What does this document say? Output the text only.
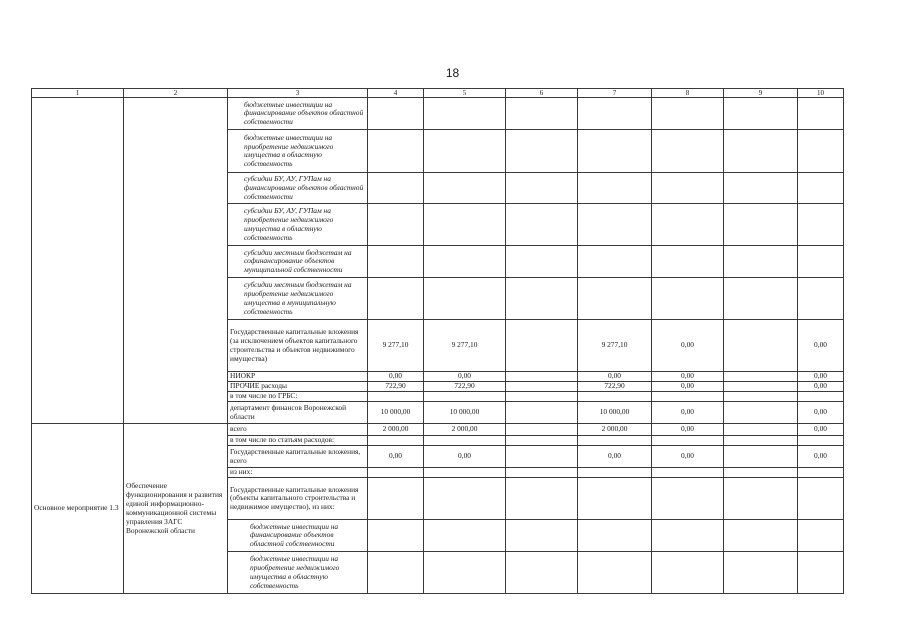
18
1	2	3	4	5	6	7	8	9	10
		бюджетные инвестиции на финансирование объектов областной собственности							
		бюджетные инвестиции на приобретение недвижимого имущества в областную собственность							
		субсидии БУ, АУ, ГУПам на финансирование объектов областной собственности							
		субсидии БУ, АУ, ГУПам на приобретение недвижимого имущества в областную собственность							
		субсидии местным бюджетам на софинансирование объектов муниципальной собственности							
		субсидии местным бюджетам на приобретение недвижимого имущества в муниципальную собственность							
		Государственные капитальные вложения (за исключением объектов капитального строительства и объектов недвижимого имущества)	9 277,10	9 277,10		9 277,10	0,00		0,00
		НИОКР	0,00	0,00		0,00	0,00		0,00
		ПРОЧИЕ расходы	722,90	722,90		722,90	0,00		0,00
		в том числе по ГРБС:							
		департамент финансов Воронежской области	10 000,00	10 000,00		10 000,00	0,00		0,00
Основное мероприятие 1.3	Обеспечение функционирования и развития единой информационно-коммуникационной системы управления ЗАГС Воронежской области	всего	2 000,00	2 000,00		2 000,00	0,00		0,00
		в том числе по статьям расходов:							
		Государственные капитальные вложения, всего	0,00	0,00		0,00	0,00		0,00
		из них:							
		Государственные капитальные вложения (объекты капитального строительства и недвижимое имущество), из них:							
		бюджетные инвестиции на финансирование объектов областной собственности							
		бюджетные инвестиции на приобретение недвижимого имущества в областную собственность							
